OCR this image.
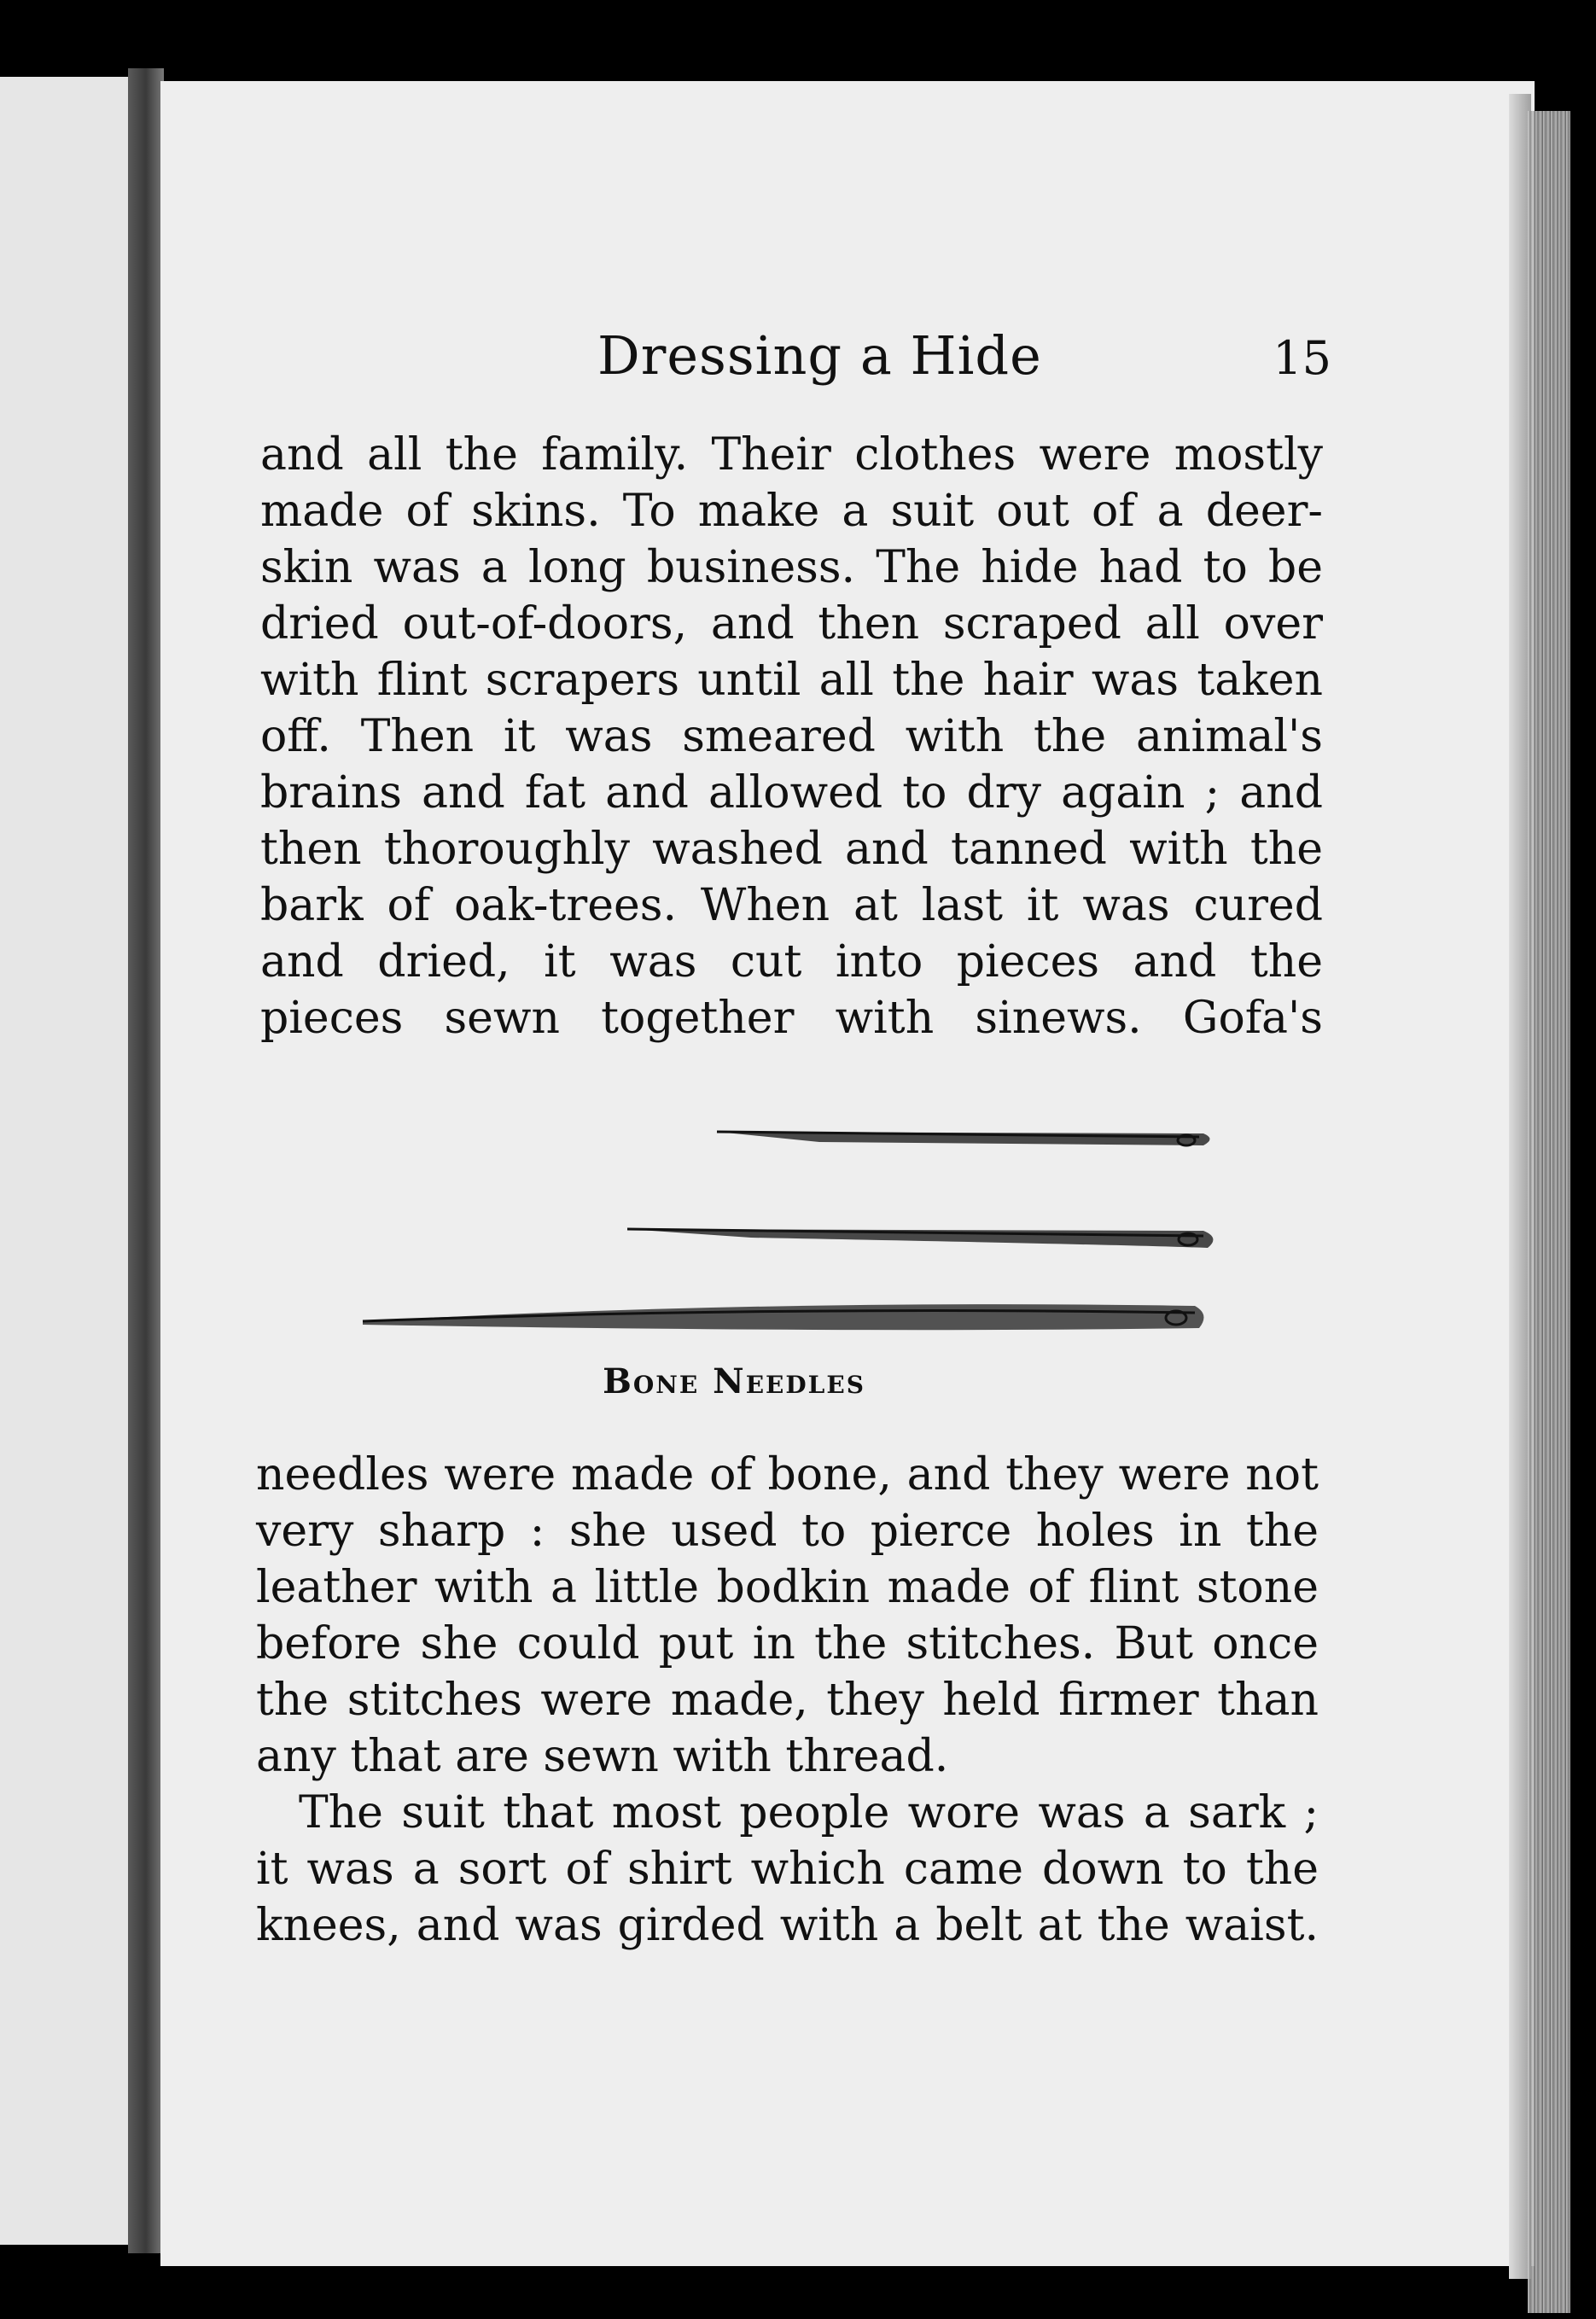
Dressing a Hide	15
and all the family. Their clothes were mostly
made of skins. To make a suit out of a deer-
skin was a long business. The hide had to be
dried out-of-doors, and then scraped all over
with flint scrapers until all the hair was taken
off. Then it was smeared with the animal's
brains and fat and allowed to dry again ; and
then thoroughly washed and tanned with the
bark of oak-trees. When at last it was cured
and dried, it was cut into pieces and the
pieces sewn together with sinews. Gofa's
Bone Needles
needles were made of bone, and they were not
very sharp : she used to pierce holes in the
leather with a little bodkin made of flint stone
before she could put in the stitches. But once
the stitches were made, they held firmer than
any that are sewn with thread.
The suit that most people wore was a sark ;
it was a sort of shirt which came down to the
knees, and was girded with a belt at the waist.
